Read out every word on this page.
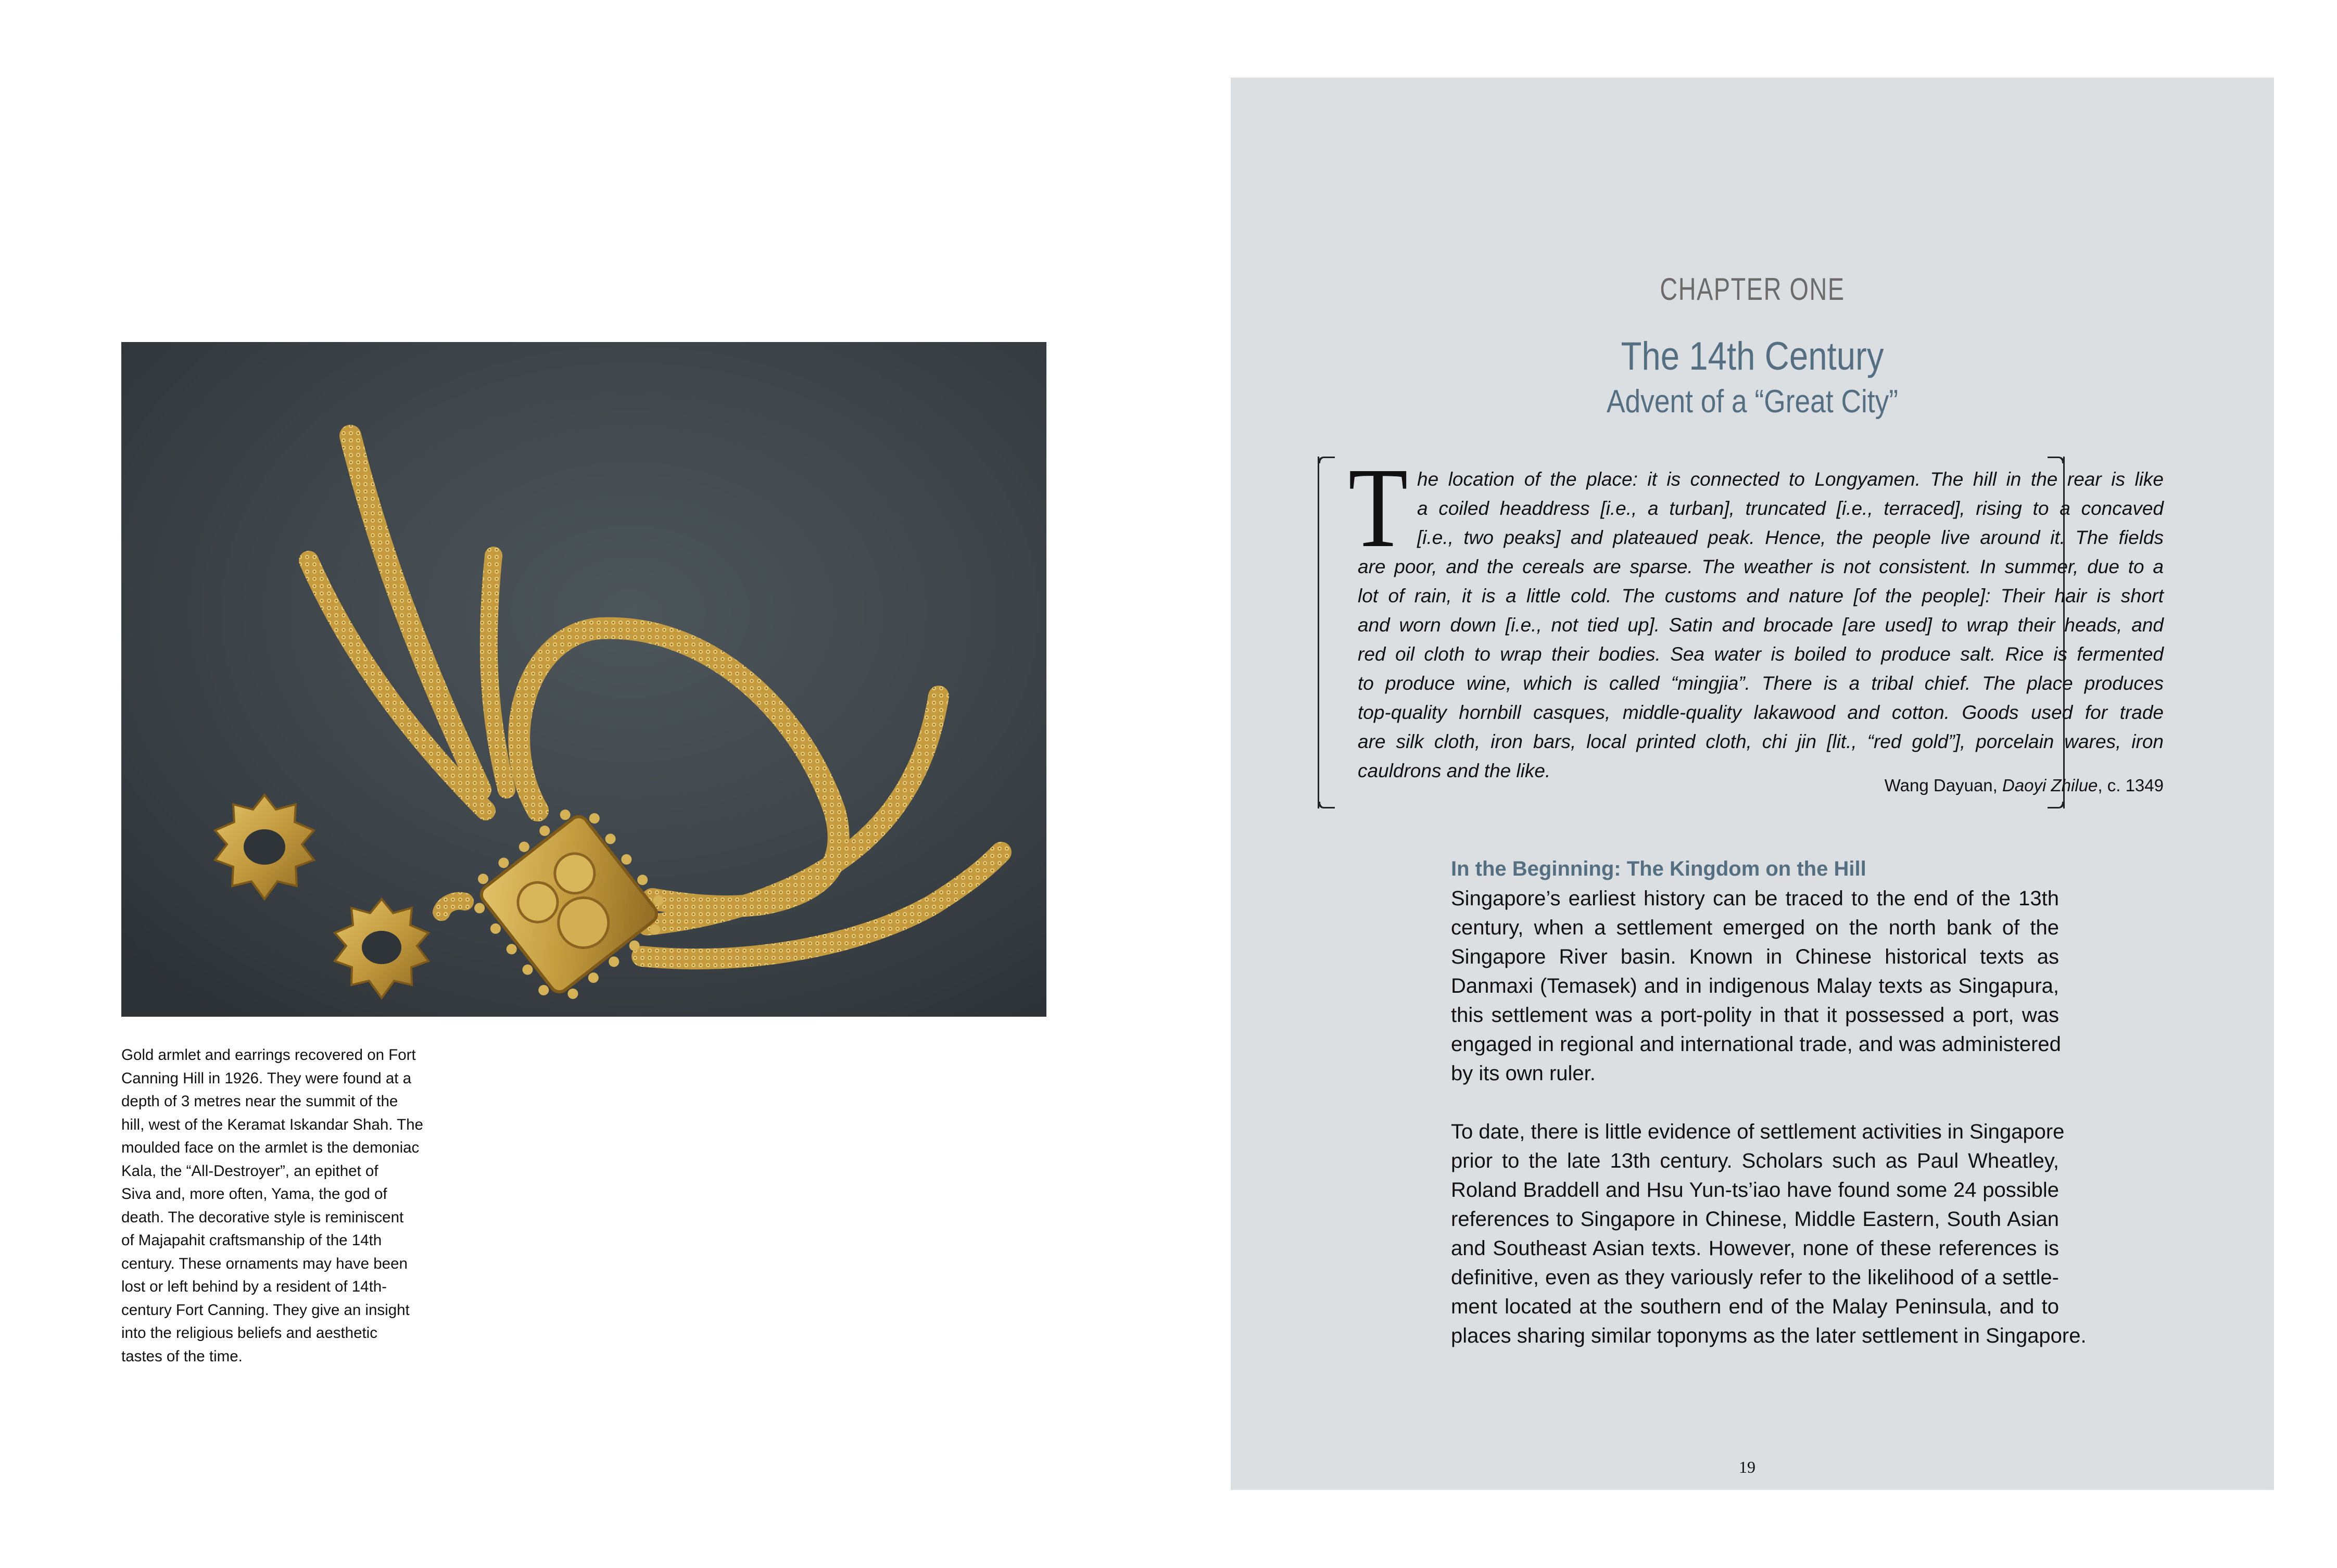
Gold armlet and earrings recovered on Fort
Canning Hill in 1926. They were found at a
depth of 3 metres near the summit of the
hill, west of the Keramat Iskandar Shah. The
moulded face on the armlet is the demoniac
Kala, the “All-Destroyer”, an epithet of
Siva and, more often, Yama, the god of
death. The decorative style is reminiscent
of Majapahit craftsmanship of the 14th
century. These ornaments may have been
lost or left behind by a resident of 14th-
century Fort Canning. They give an insight
into the religious beliefs and aesthetic
tastes of the time.
CHAPTER ONE
The 14th Century
Advent of a “Great City”
T he location of the place: it is connected to Longyamen. The hill in the rear is like
a coiled headdress [i.e., a turban], truncated [i.e., terraced], rising to a concaved
[i.e., two peaks] and plateaued peak. Hence, the people live around it. The fields
are poor, and the cereals are sparse. The weather is not consistent. In summer, due to a
lot of rain, it is a little cold. The customs and nature [of the people]: Their hair is short
and worn down [i.e., not tied up]. Satin and brocade [are used] to wrap their heads, and
red oil cloth to wrap their bodies. Sea water is boiled to produce salt. Rice is fermented
to produce wine, which is called “mingjia”. There is a tribal chief. The place produces
top-quality hornbill casques, middle-quality lakawood and cotton. Goods used for trade
are silk cloth, iron bars, local printed cloth, chi jin [lit., “red gold”], porcelain wares, iron
cauldrons and the like.
Wang Dayuan, Daoyi Zhilue, c. 1349
In the Beginning: The Kingdom on the Hill
Singapore’s earliest history can be traced to the end of the 13th
century, when a settlement emerged on the north bank of the
Singapore River basin. Known in Chinese historical texts as
Danmaxi (Temasek) and in indigenous Malay texts as Singapura,
this settlement was a port-polity in that it possessed a port, was
engaged in regional and international trade, and was administered
by its own ruler.
To date, there is little evidence of settlement activities in Singapore
prior to the late 13th century. Scholars such as Paul Wheatley,
Roland Braddell and Hsu Yun-ts’iao have found some 24 possible
references to Singapore in Chinese, Middle Eastern, South Asian
and Southeast Asian texts. However, none of these references is
definitive, even as they variously refer to the likelihood of a settle-
ment located at the southern end of the Malay Peninsula, and to
places sharing similar toponyms as the later settlement in Singapore.
19
